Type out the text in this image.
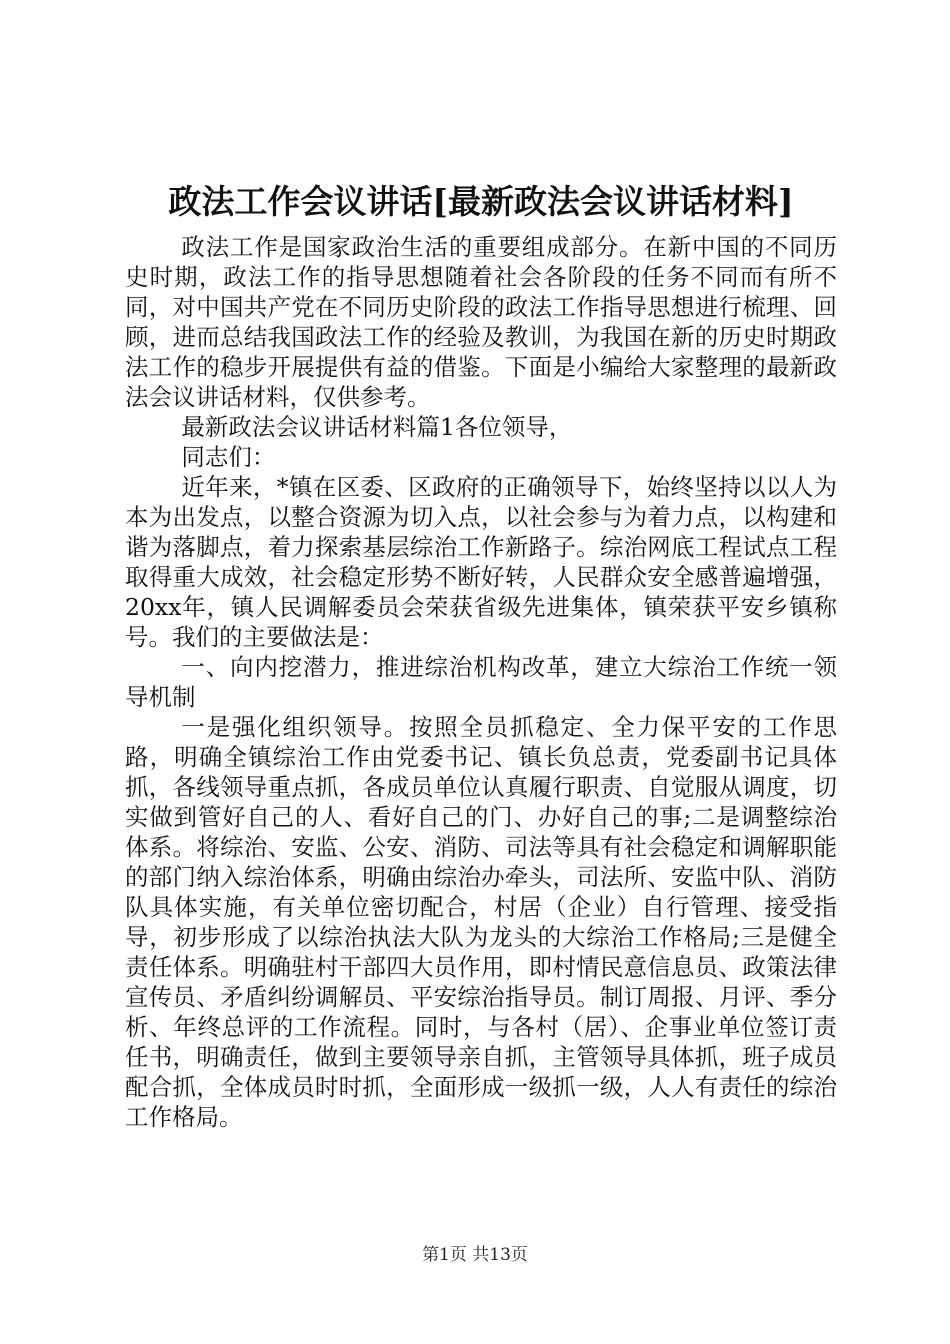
政法工作会议讲话[最新政法会议讲话材料]

政法工作是国家政治生活的重要组成部分。在新中国的不同历史时期，政法工作的指导思想随着社会各阶段的任务不同而有所不同，对中国共产党在不同历史阶段的政法工作指导思想进行梳理、回顾，进而总结我国政法工作的经验及教训，为我国在新的历史时期政法工作的稳步开展提供有益的借鉴。下面是小编给大家整理的最新政法会议讲话材料，仅供参考。

最新政法会议讲话材料篇1各位领导，

同志们：

近年来，*镇在区委、区政府的正确领导下，始终坚持以以人为本为出发点，以整合资源为切入点，以社会参与为着力点，以构建和谐为落脚点，着力探索基层综治工作新路子。综治网底工程试点工程取得重大成效，社会稳定形势不断好转，人民群众安全感普遍增强，20xx年，镇人民调解委员会荣获省级先进集体，镇荣获平安乡镇称号。我们的主要做法是：

一、向内挖潜力，推进综治机构改革，建立大综治工作统一领导机制

一是强化组织领导。按照全员抓稳定、全力保平安的工作思路，明确全镇综治工作由党委书记、镇长负总责，党委副书记具体抓，各线领导重点抓，各成员单位认真履行职责、自觉服从调度，切实做到管好自己的人、看好自己的门、办好自己的事;二是调整综治体系。将综治、安监、公安、消防、司法等具有社会稳定和调解职能的部门纳入综治体系，明确由综治办牵头，司法所、安监中队、消防队具体实施，有关单位密切配合，村居（企业）自行管理、接受指导，初步形成了以综治执法大队为龙头的大综治工作格局;三是健全责任体系。明确驻村干部四大员作用，即村情民意信息员、政策法律宣传员、矛盾纠纷调解员、平安综治指导员。制订周报、月评、季分析、年终总评的工作流程。同时，与各村（居）、企事业单位签订责任书，明确责任，做到主要领导亲自抓，主管领导具体抓，班子成员配合抓，全体成员时时抓，全面形成一级抓一级，人人有责任的综治工作格局。

第1页 共13页
